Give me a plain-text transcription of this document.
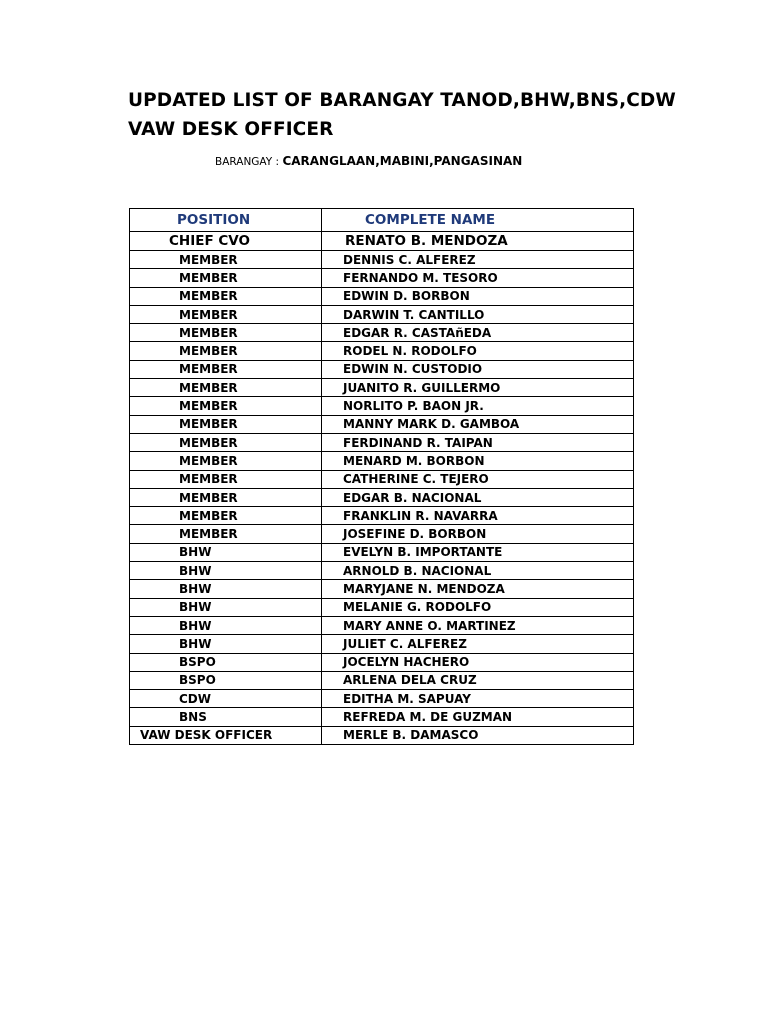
UPDATED LIST OF BARANGAY TANOD,BHW,BNS,CDW
VAW DESK OFFICER
BARANGAY : CARANGLAAN,MABINI,PANGASINAN
POSITION	COMPLETE NAME
CHIEF CVO	RENATO B. MENDOZA
MEMBER	DENNIS C. ALFEREZ
MEMBER	FERNANDO M. TESORO
MEMBER	EDWIN D. BORBON
MEMBER	DARWIN T. CANTILLO
MEMBER	EDGAR R. CASTAñEDA
MEMBER	RODEL N. RODOLFO
MEMBER	EDWIN N. CUSTODIO
MEMBER	JUANITO R. GUILLERMO
MEMBER	NORLITO P. BAON JR.
MEMBER	MANNY MARK D. GAMBOA
MEMBER	FERDINAND R. TAIPAN
MEMBER	MENARD M. BORBON
MEMBER	CATHERINE C. TEJERO
MEMBER	EDGAR B. NACIONAL
MEMBER	FRANKLIN R. NAVARRA
MEMBER	JOSEFINE D. BORBON
BHW	EVELYN B. IMPORTANTE
BHW	ARNOLD B. NACIONAL
BHW	MARYJANE N. MENDOZA
BHW	MELANIE G. RODOLFO
BHW	MARY ANNE O. MARTINEZ
BHW	JULIET C. ALFEREZ
BSPO	JOCELYN HACHERO
BSPO	ARLENA DELA CRUZ
CDW	EDITHA M. SAPUAY
BNS	REFREDA M. DE GUZMAN
VAW DESK OFFICER	MERLE B. DAMASCO
